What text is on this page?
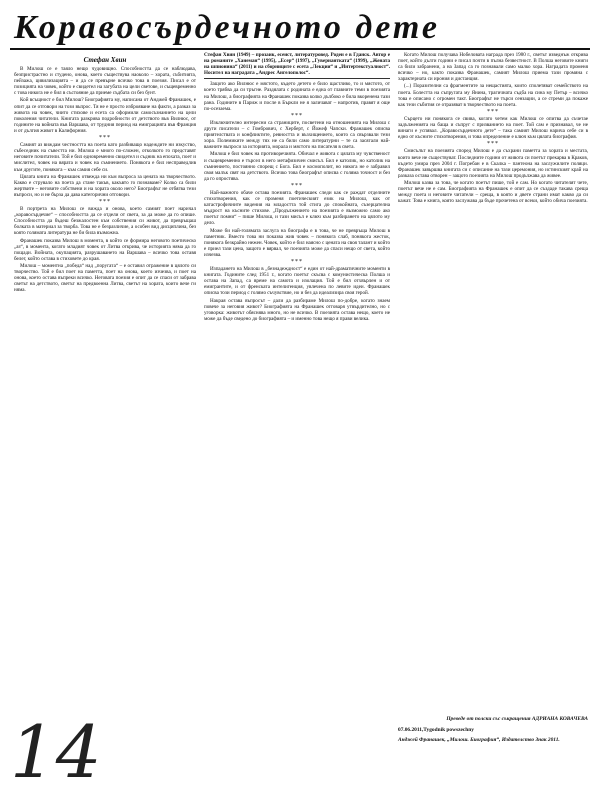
Коравосърдечното дете
Стефан Хвин

В Милош се е таяло нещо чудовищно. Способността да се наблюдава, безпристрастно и студено, онова, което съществува наоколо – хората, събитията, пейзажа, цивилизацията – и да се превърне всичко това в поезия. Писал е от позицията на човек, който е свидетел на загубата на цели светове, и същевременно с това никога не е бил в състояние да приеме съдбата си без бунт.

Кой всъщност е бил Милош? Биографията му, написана от Анджей Франашек, е опит да се отговори на този въпрос. Тя не е просто изброяване на факти, а разказ за живота на човек, чиито стихове и есета са оформили самосъзнанието на цели поколения читатели. Книгата разкрива подробности от детството във Вилнюс, от годините на войната във Варшава, от трудния период на емиграцията във Франция и от дългия живот в Калифорния.

***

Самият аз виждам честността на поета като разбиващо надеждите ни изкуство, събеседник на съвестта ни. Милош е много по-сложен, отколкото го представят неговите почитатели. Той е бил едновременно свидетел и съдник на епохата, поет и мислител, човек на вярата и човек на съмнението. Понякога е бил несправедлив към другите, понякога – към самия себе си.

Цялата книга на Франашек отвежда ни към въпроса за цената на творчеството. Какво е струвало на поета да стане такъв, какъвто го познаваме? Колко са били жертвите – неговите собствени и на хората около него? Биографът не отбягва тези въпроси, но и не бърза да дава категорични отговори.

***

В портрета на Милош се вижда и онова, което самият поет наричал „коравосърдечие“ – способността да се отдели от света, за да може да го опише. Способността да бъдеш безжалостен към собствения си живот, да превръщаш болката в материал за творба. Това не е безразличие, а особен вид дисциплина, без която голямата литература не би била възможна.

Франашек показва Милош в момента, в който се формира неговото поетическо „аз“, в момента, когато младият човек от Литва открива, че историята няма да го пощади. Войната, окупацията, разрушаването на Варшава – всичко това оставя белег, който остава в стиховете до края.

Милош – моментна „победа“ над „поругата“ – е оставил отражение в цялото си творчество. Той е бил поет на паметта, поет на онова, което изчезва, и поет на онова, което остава въпреки всичко. Неговата поезия е опит да се спаси от забрава светът на детството, светът на предвоенна Литва, светът на хората, които вече ги няма.

Стефан Хвин (1949) – прозаик, есеист, литературовед. Роден е в Гданск. Автор е на романите „Ханеман“ (1995), „Есер“ (1997), „Гувернантката“ (1999), „Жената на шпионина“ (2011) и на сборниците с есета „Лекции“ и „Интертекстуалност“. Носител на наградата „Андрес Ангелополос“.

Защото ако Вилнюс е мястото, където детето е било щастливо, то и мястото, от което трябва да си тръгне. Раздялата с родината е една от главните теми в поезията на Милош, а биографията на Франашек показва колко дълбоко е била вкоренена тази рана. Годините в Париж и после в Бъркли не я заличават – напротив, правят я още по-осезаема.

***

Изключително интересни са страниците, посветени на отношенията на Милош с други писатели – с Гомбрович, с Херберт, с Йожеф Чапски. Франашек описва приятелствата и конфликтите, ревността и възхищението, които са свързвали тези хора. Полемиките между тях не са били само литературни – те са засягали най-важните въпроси за историята, морала и мястото на писателя в света.

Милош е бил човек на противоречията. Обичал е живота с цялата му чувственост и същевременно е търсел в него метафизичен смисъл. Бил е католик, но католик на съмнението, постоянно спорещ с Бога. Бил е космополит, но никога не е забравил своя малък свят на детството. Всичко това биографът описва с голяма точност и без да го опростява.

***

Най-важното обаче остава поезията. Франашек следи как се раждат отделните стихотворения, как се променя поетическият език на Милош, как от катастрофичните видения на младостта той стига до спокойната, съзерцателна мъдрост на късните стихове. „Продължението на поезията е възможно само ако поетът помни“ – пише Милош, и тази мисъл е ключ към разбирането на цялото му дело.

Може би най-голямата заслуга на биографа е в това, че не превръща Милош в паметник. Вместо това ни показва жив човек – понякога слаб, понякога жесток, понякога безкрайно нежен. Човек, който е бил наясно с цената на своя талант и който е приел тази цена, защото е вярвал, че поезията може да спаси нещо от света, който изчезва.

***

Изпадането на Милош в „безнадеждност“ е един от най-драматичните моменти в книгата. Годините след 1951 г., когато поетът скъсва с комунистическа Полша и остава на Запад, са време на самота и изолация. Той е бил отхвърлен и от емигрантите, и от френската интелигенция, увлечена по левите идеи. Франашек описва този период с голямо съчувствие, но и без да идеализира своя герой.

Накрая остава въпросът – дали да разбираме Милош по-добре, когато знаем повече за неговия живот? Биографията на Франашек отговаря утвърдително, но с уговорка: животът обяснява много, но не всичко. В поезията остава нещо, което не може да бъде сведено до биографията – и именно това нещо я прави велика.

Когато Милош получава Нобеловата награда през 1980 г., светът изведнъж открива поет, който дълги години е писал почти в пълна безвестност. В Полша неговите книги са били забранени, а на Запад са го познавали само малко хора. Наградата променя всичко – но, както показва Франашек, самият Милош приема тази промяна с характерната си ирония и дистанция.

(...) Поразителни са фрагментите за нещастията, които сполетяват семейството на поета. Болестта на съпругата му Янина, трагичната съдба на сина му Петър – всичко това е описано с огромен такт. Биографът не търси сензации, а се стреми да покаже как тези събития се отразяват в творчеството на поета.

***

Сърцето ни понякога се свива, когато четем как Милош се опитва да съчетае задълженията на баща и съпруг с призванието на поет. Той сам е признавал, че не винаги е успявал. „Коравосърдечното дете“ – така самият Милош нарича себе си в едно от късните стихотворения, и това определение е ключ към цялата биография.

***

Смисълът на поезията според Милош е да съхрани паметта за хората и местата, които вече не съществуват. Последните години от живота си поетът прекарва в Краков, където умира през 2004 г. Погребан е в Скалка – пантеона на заслужилите поляци. Франашек завършва книгата си с описание на тази церемония, но истинският край на разказа остава отворен – защото поезията на Милош продължава да живее.

Милош казва за това, че когато поетът пише, той е сам. Но когато читателят чете, поетът вече не е сам. Биографията на Франашек е опит да се създаде такава среща между поета и неговите читатели – среща, в която и двете страни имат какво да си кажат. Това е книга, която заслужава да бъде прочетена от всеки, който обича поезията.

14	Преведе от полски със съкращения АДРИАНА КОВАЧЕВА
07.06.2011,Tygodnik powszechny
Анджей Франашек, „Милош. Биография“, Издателство Знак 2011.
